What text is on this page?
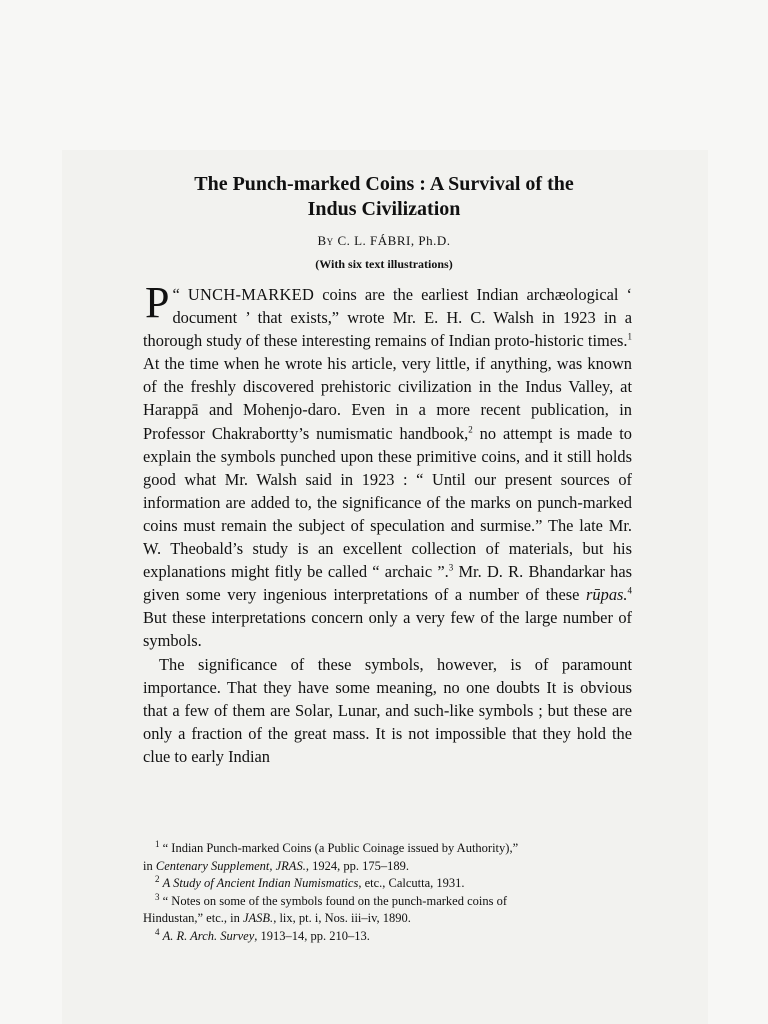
The Punch-marked Coins : A Survival of the
Indus Civilization
By C. L. FÁBRI, Ph.D.
(With six text illustrations)

“
P UNCH-MARKED coins are the earliest Indian archæological ‘ document ’ that exists,” wrote Mr. E. H. C. Walsh in 1923 in a thorough study of these interesting remains of Indian proto-historic times.$^1$ At the time when he wrote his article, very little, if anything, was known of the freshly discovered prehistoric civilization in the Indus Valley, at Harappā and Mohenjo-daro. Even in a more recent publication, in Professor Chakrabortty’s numismatic handbook,$^2$ no attempt is made to explain the symbols punched upon these primitive coins, and it still holds good what Mr. Walsh said in 1923 : “ Until our present sources of information are added to, the significance of the marks on punch-marked coins must remain the subject of speculation and surmise.” The late Mr. W. Theobald’s study is an excellent collection of materials, but his explanations might fitly be called “ archaic ”.$^3$ Mr. D. R. Bhandarkar has given some very ingenious interpretations of a number of these rūpas.$^4$ But these interpretations concern only a very few of the large number of symbols.

The significance of these symbols, however, is of paramount importance. That they have some meaning, no one doubts It is obvious that a few of them are Solar, Lunar, and such-like symbols ; but these are only a fraction of the great mass. It is not impossible that they hold the clue to early Indian

$^1$ “ Indian Punch-marked Coins (a Public Coinage issued by Authority),”
in Centenary Supplement, JRAS., 1924, pp. 175–189.
$^2$ A Study of Ancient Indian Numismatics, etc., Calcutta, 1931.
$^3$ “ Notes on some of the symbols found on the punch-marked coins of
Hindustan,” etc., in JASB., lix, pt. i, Nos. iii–iv, 1890.
$^4$ A. R. Arch. Survey, 1913–14, pp. 210–13.
